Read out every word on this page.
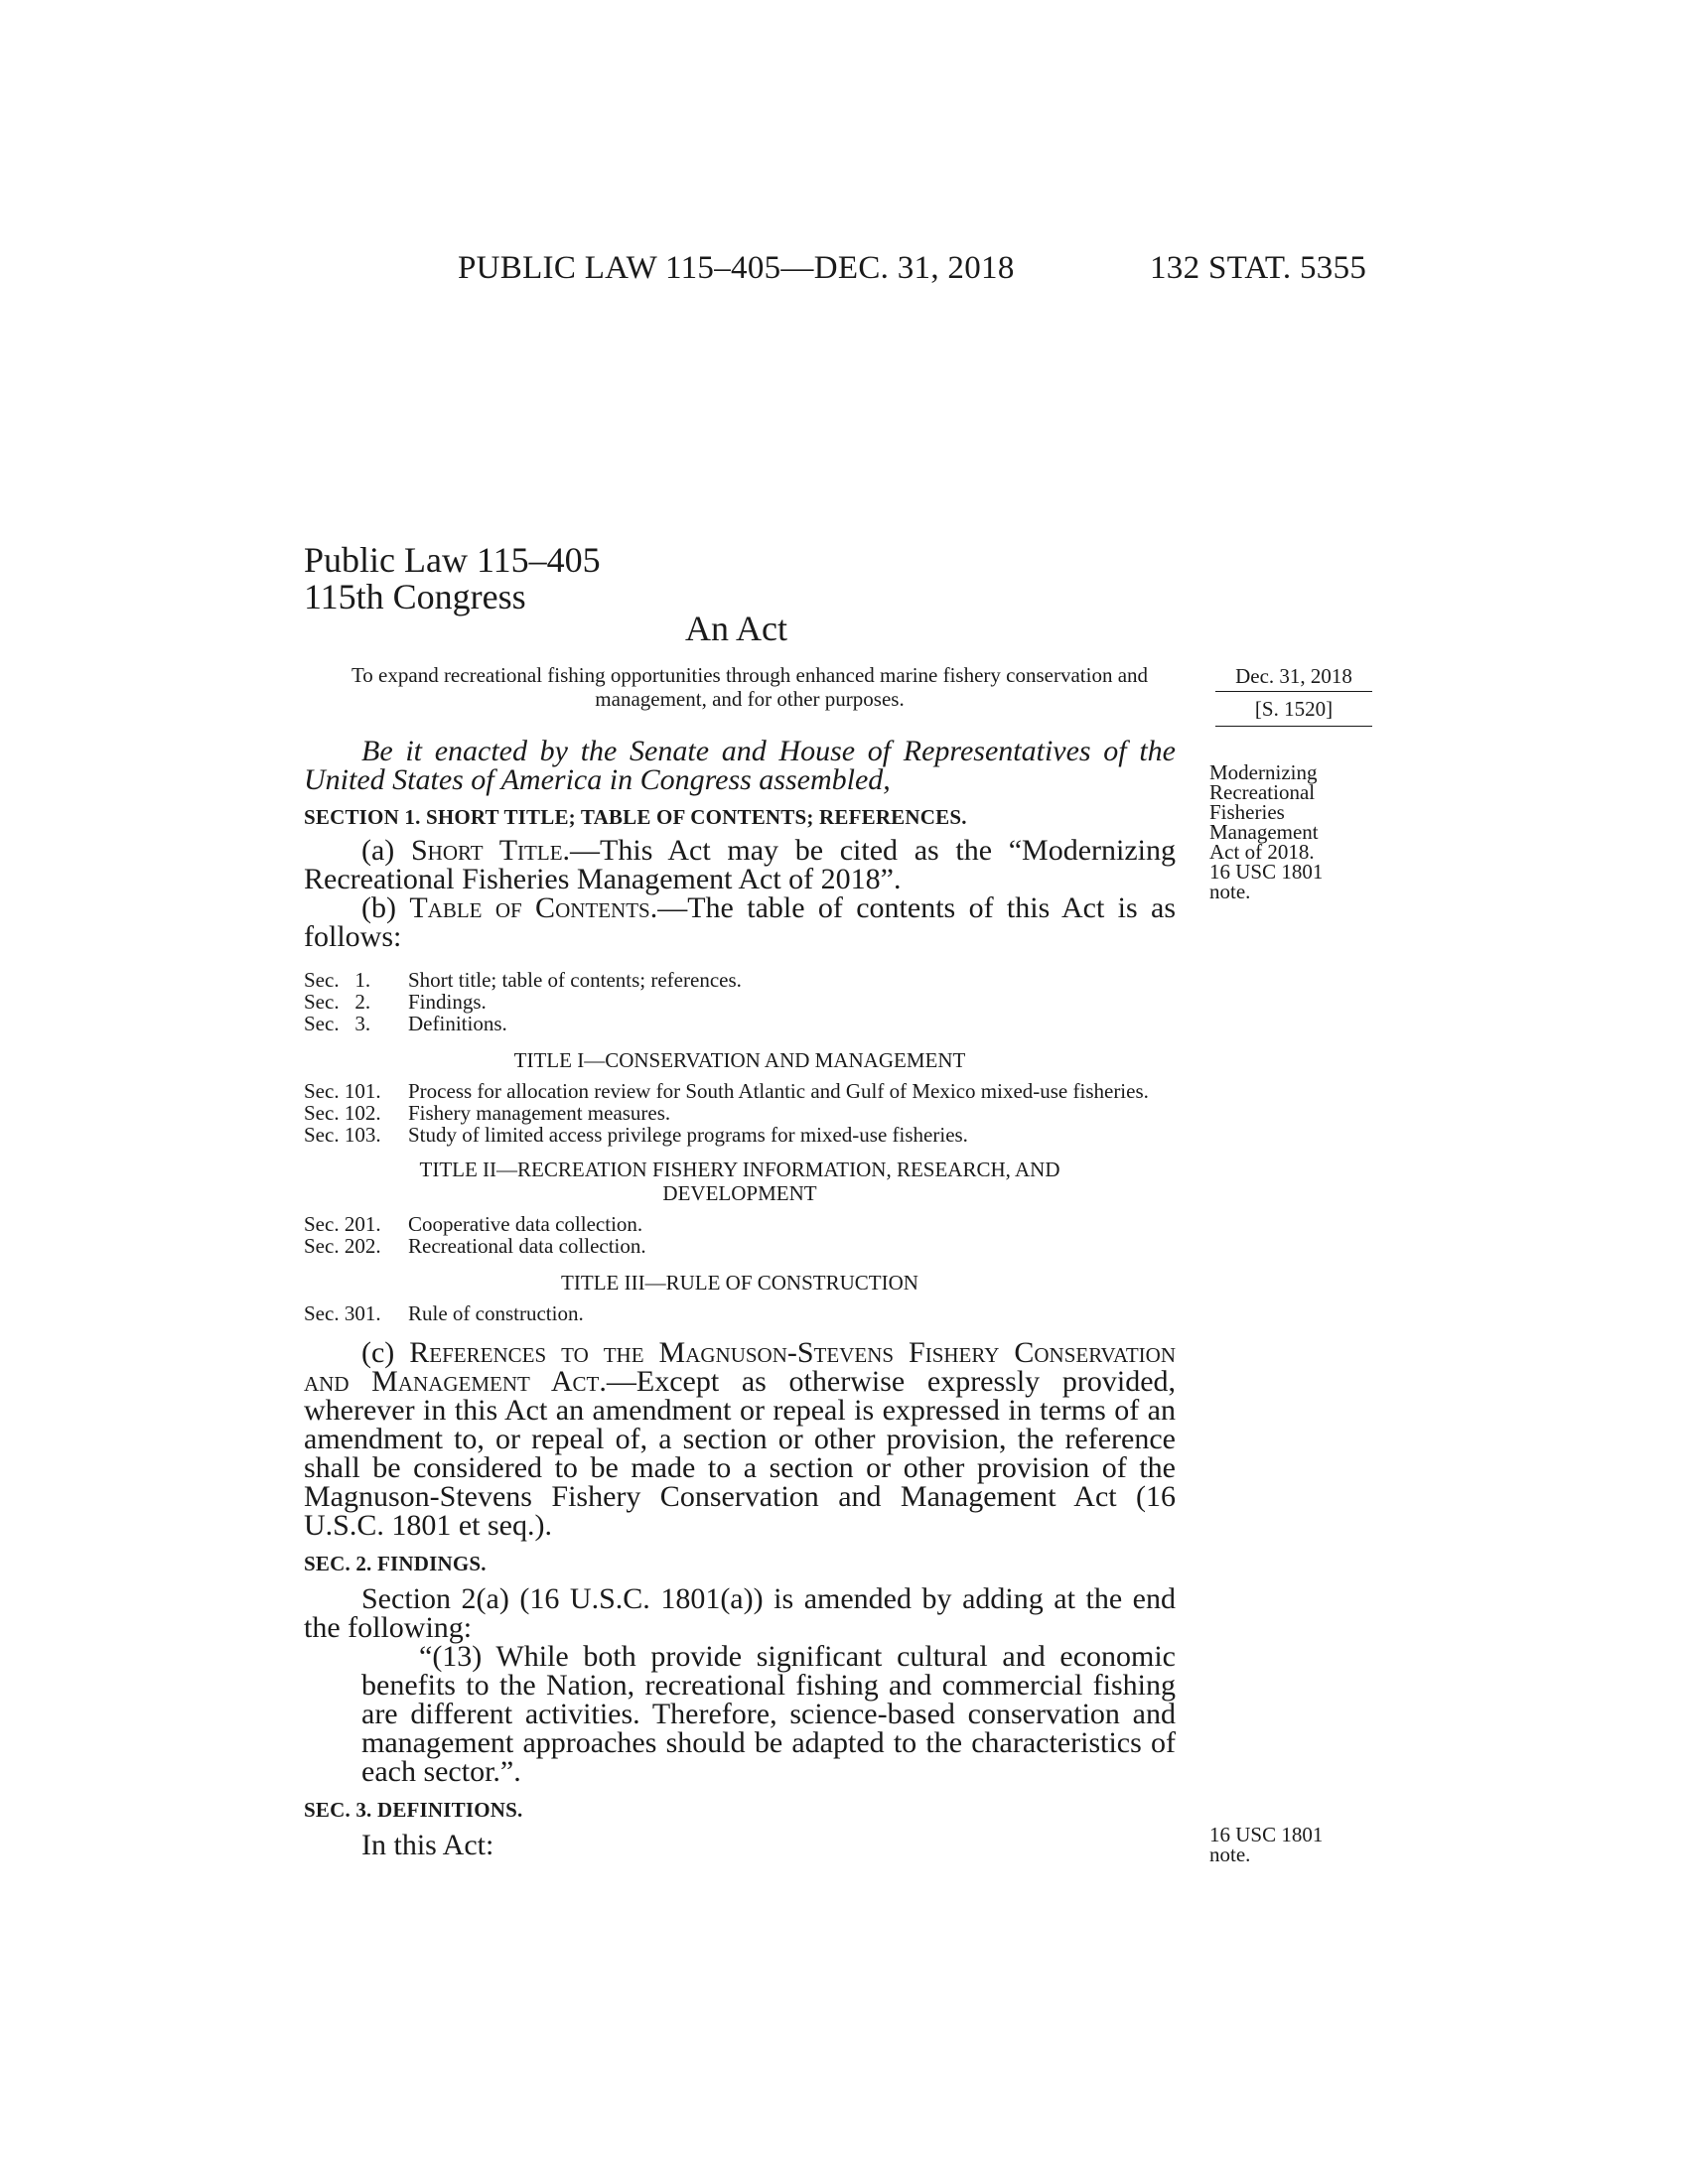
PUBLIC LAW 115–405—DEC. 31, 2018	132 STAT. 5355
Public Law 115–405
115th Congress
An Act
To expand recreational fishing opportunities through enhanced marine fishery conservation and management, and for other purposes.
Dec. 31, 2018
[S. 1520]
Modernizing
Recreational
Fisheries
Management
Act of 2018.
16 USC 1801
note.
16 USC 1801
note.

Be it enacted by the Senate and House of Representatives of the United States of America in Congress assembled,

SECTION 1. SHORT TITLE; TABLE OF CONTENTS; REFERENCES.

(a) Short Title.—This Act may be cited as the “Modernizing Recreational Fisheries Management Act of 2018”.

(b) Table of Contents.—The table of contents of this Act is as follows:

Sec.   1.	Short title; table of contents; references.
Sec.   2.	Findings.
Sec.   3.	Definitions.
TITLE I—CONSERVATION AND MANAGEMENT
Sec. 101.	Process for allocation review for South Atlantic and Gulf of Mexico mixed-use fisheries.
Sec. 102.	Fishery management measures.
Sec. 103.	Study of limited access privilege programs for mixed-use fisheries.
TITLE II—RECREATION FISHERY INFORMATION, RESEARCH, AND DEVELOPMENT
Sec. 201.	Cooperative data collection.
Sec. 202.	Recreational data collection.
TITLE III—RULE OF CONSTRUCTION
Sec. 301.	Rule of construction.

(c) References to the Magnuson-Stevens Fishery Conservation and Management Act.—Except as otherwise expressly provided, wherever in this Act an amendment or repeal is expressed in terms of an amendment to, or repeal of, a section or other provision, the reference shall be considered to be made to a section or other provision of the Magnuson-Stevens Fishery Conservation and Management Act (16 U.S.C. 1801 et seq.).

SEC. 2. FINDINGS.

Section 2(a) (16 U.S.C. 1801(a)) is amended by adding at the end the following:

“(13) While both provide significant cultural and economic benefits to the Nation, recreational fishing and commercial fishing are different activities. Therefore, science-based conservation and management approaches should be adapted to the characteristics of each sector.”.

SEC. 3. DEFINITIONS.

In this Act:
